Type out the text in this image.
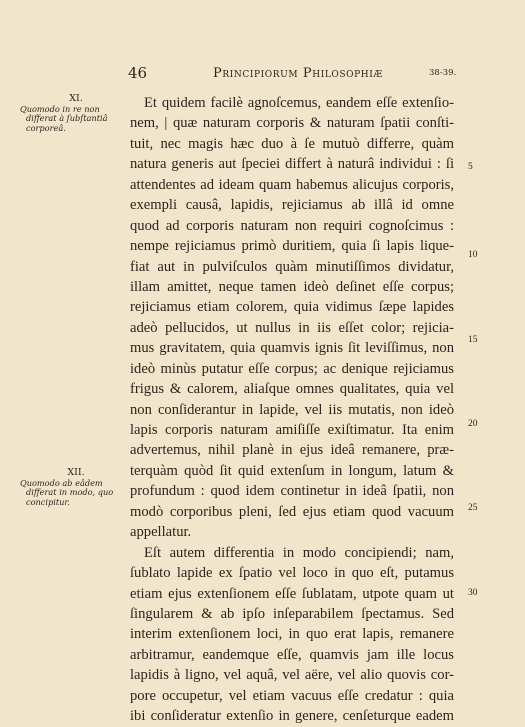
46	Principiorum Philosophiæ	38-39.
XI.
Quomodo in re non differat à ſubſtantiâ corporeâ.
XII.
Quomodo ab eâdem differat in modo, quo concipitur.
Et quidem facilè agnoſcemus, eandem eſſe extenſio-
nem, | quæ naturam corporis & naturam ſpatii conſti-
tuit, nec magis hæc duo à ſe mutuò differre, quàm
natura generis aut ſpeciei differt à naturâ individui : ſi
attendentes ad ideam quam habemus alicujus corporis,
exempli causâ, lapidis, rejiciamus ab illâ id omne
quod ad corporis naturam non requiri cognoſcimus :
nempe rejiciamus primò duritiem, quia ſi lapis lique-
fiat aut in pulviſculos quàm minutiſſimos dividatur,
illam amittet, neque tamen ideò deſinet eſſe corpus;
rejiciamus etiam colorem, quia vidimus ſæpe lapides
adeò pellucidos, ut nullus in iis eſſet color; rejicia-
mus gravitatem, quia quamvis ignis ſit leviſſimus, non
ideò minùs putatur eſſe corpus; ac denique rejiciamus
frigus & calorem, aliaſque omnes qualitates, quia vel
non conſiderantur in lapide, vel iis mutatis, non ideò
lapis corporis naturam amiſiſſe exiſtimatur. Ita enim
advertemus, nihil planè in ejus ideâ remanere, præ-
terquàm quòd ſit quid extenſum in longum, latum &
profundum : quod idem continetur in ideâ ſpatii, non
modò corporibus pleni, ſed ejus etiam quod vacuum
appellatur.
Eſt autem differentia in modo concipiendi; nam,
ſublato lapide ex ſpatio vel loco in quo eſt, putamus
etiam ejus extenſionem eſſe ſublatam, utpote quam ut
ſingularem & ab ipſo inſeparabilem ſpectamus. Sed
interim extenſionem loci, in quo erat lapis, remanere
arbitramur, eandemque eſſe, quamvis jam ille locus
lapidis à ligno, vel aquâ, vel aëre, vel alio quovis cor-
pore occupetur, vel etiam vacuus eſſe credatur : quia
ibi conſideratur extenſio in genere, cenſeturque eadem
5
10
15
20
25
30
